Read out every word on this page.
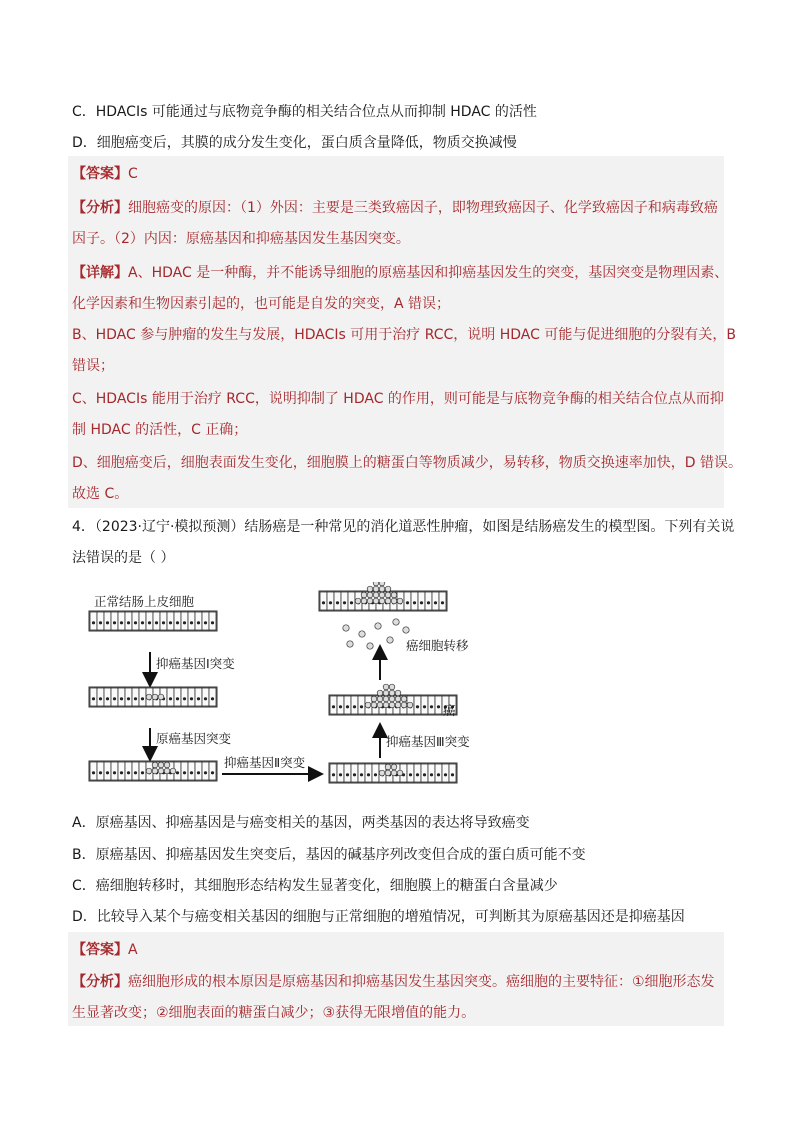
C．HDACIs 可能通过与底物竞争酶的相关结合位点从而抑制 HDAC 的活性
D．细胞癌变后，其膜的成分发生变化，蛋白质含量降低，物质交换减慢
【答案】C
【分析】细胞癌变的原因：（1）外因：主要是三类致癌因子，即物理致癌因子、化学致癌因子和病毒致癌
因子。（2）内因：原癌基因和抑癌基因发生基因突变。
【详解】A、HDAC 是一种酶，并不能诱导细胞的原癌基因和抑癌基因发生的突变，基因突变是物理因素、
化学因素和生物因素引起的，也可能是自发的突变，A 错误；
B、HDAC 参与肿瘤的发生与发展，HDACIs 可用于治疗 RCC，说明 HDAC 可能与促进细胞的分裂有关，B
错误；
C、HDACIs 能用于治疗 RCC，说明抑制了 HDAC 的作用，则可能是与底物竞争酶的相关结合位点从而抑
制 HDAC 的活性，C 正确；
D、细胞癌变后，细胞表面发生变化，细胞膜上的糖蛋白等物质减少，易转移，物质交换速率加快，D 错误。
故选 C。
4．（2023·辽宁·模拟预测）结肠癌是一种常见的消化道恶性肿瘤，如图是结肠癌发生的模型图。下列有关说
法错误的是（ ）
正常结肠上皮细胞
抑癌基因Ⅰ突变
原癌基因突变
抑癌基因Ⅱ突变
抑癌基因Ⅲ突变
癌
癌细胞转移
A．原癌基因、抑癌基因是与癌变相关的基因，两类基因的表达将导致癌变
B．原癌基因、抑癌基因发生突变后，基因的碱基序列改变但合成的蛋白质可能不变
C．癌细胞转移时，其细胞形态结构发生显著变化，细胞膜上的糖蛋白含量减少
D．比较导入某个与癌变相关基因的细胞与正常细胞的增殖情况，可判断其为原癌基因还是抑癌基因
【答案】A
【分析】癌细胞形成的根本原因是原癌基因和抑癌基因发生基因突变。癌细胞的主要特征：①细胞形态发
生显著改变；②细胞表面的糖蛋白减少；③获得无限增值的能力。
